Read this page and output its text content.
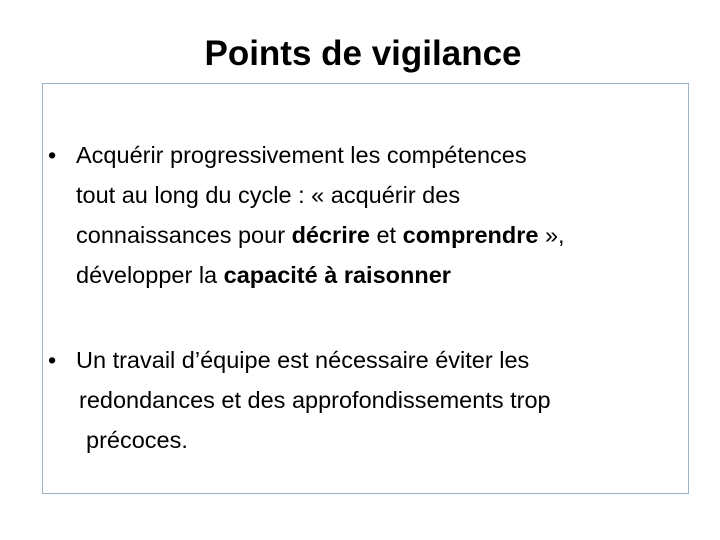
Points de vigilance
• Acquérir progressivement les compétences
tout au long du cycle : « acquérir des
connaissances pour décrire et comprendre »,
développer la capacité à raisonner
• Un travail d’équipe est nécessaire éviter les
redondances et des approfondissements trop
précoces.
